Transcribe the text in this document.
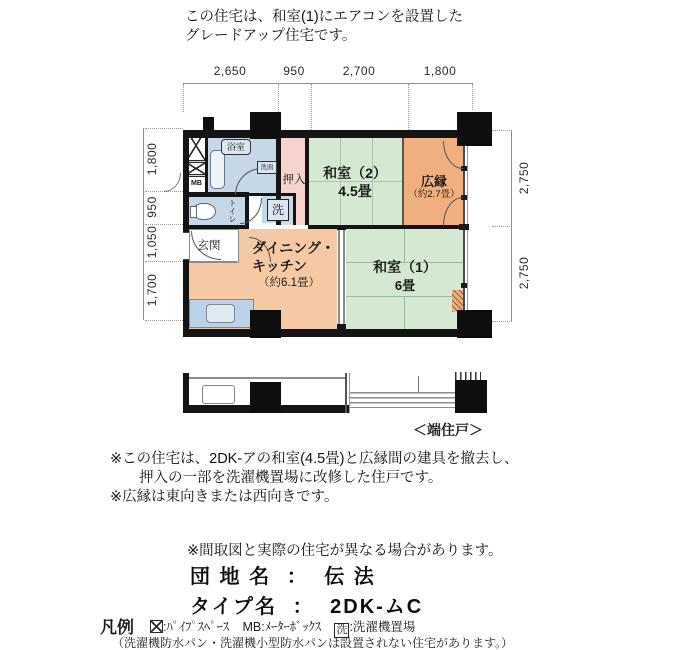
この住宅は、和室(1)にエアコンを設置した
グレードアップ住宅です。
2,650	950	2,700	1,800
1,800
950
1,050
1,700
2,750
2,750
MB
浴室
洗面
押入	和室（2）
4.5畳
広縁
（約2.7畳）
トイレ	洗
玄関	ダイニング・
キッチン
（約6.1畳）
和室（1）
6畳
＜端住戸＞
※この住宅は、2DK-アの和室(4.5畳)と広縁間の建具を撤去し、
押入の一部を洗濯機置場に改修した住戸です。
※広縁は東向きまたは西向きです。
※間取図と実際の住宅が異なる場合があります。
団 地 名 ： 伝 法
タイプ名 ： 2DK-ムC
凡例	:ﾊﾟｲﾌﾟｽﾍﾟｰｽ MB:ﾒｰﾀｰﾎﾞｯｸｽ 洗 :洗濯機置場
（洗濯機防水パン・洗濯機小型防水パンは設置されない住宅があります。）
